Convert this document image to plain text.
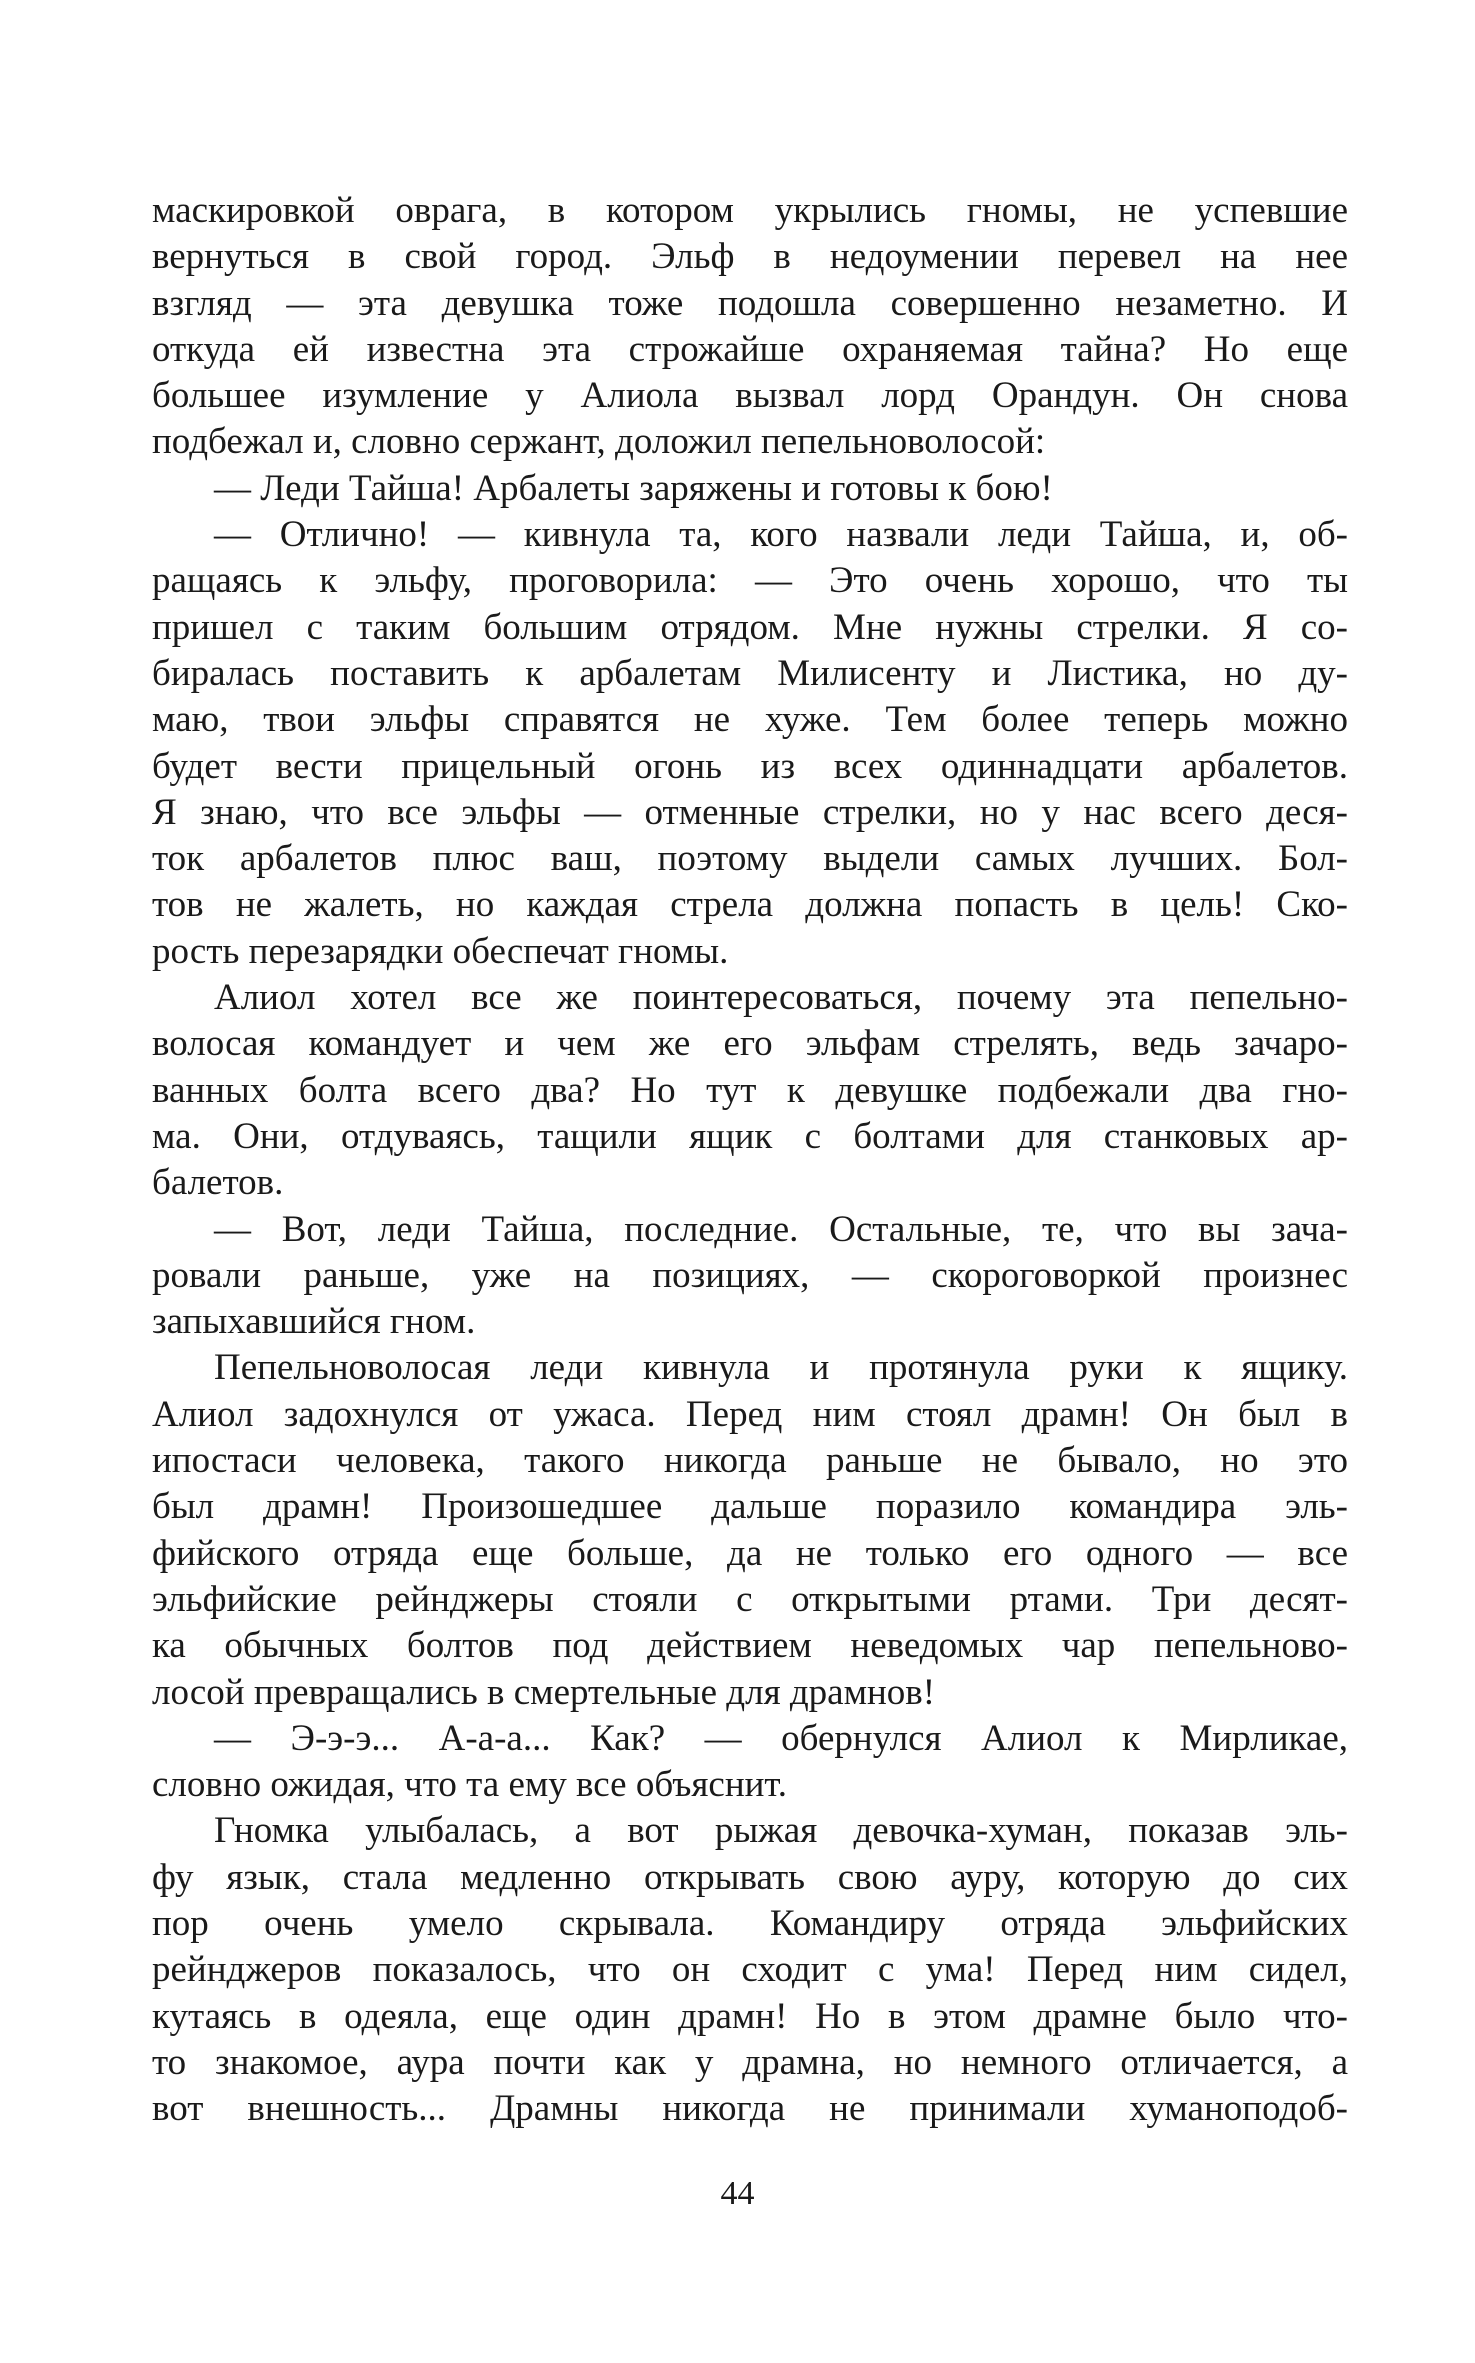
маскировкой оврага, в котором укрылись гномы, не успевшие
вернуться в свой город. Эльф в недоумении перевел на нее
взгляд — эта девушка тоже подошла совершенно незаметно. И
откуда ей известна эта строжайше охраняемая тайна? Но еще
большее изумление у Алиола вызвал лорд Орандун. Он снова
подбежал и, словно сержант, доложил пепельноволосой:
— Леди Тайша! Арбалеты заряжены и готовы к бою!
— Отлично! — кивнула та, кого назвали леди Тайша, и, об-
ращаясь к эльфу, проговорила: — Это очень хорошо, что ты
пришел с таким большим отрядом. Мне нужны стрелки. Я со-
биралась поставить к арбалетам Милисенту и Листика, но ду-
маю, твои эльфы справятся не хуже. Тем более теперь можно
будет вести прицельный огонь из всех одиннадцати арбалетов.
Я знаю, что все эльфы — отменные стрелки, но у нас всего деся-
ток арбалетов плюс ваш, поэтому выдели самых лучших. Бол-
тов не жалеть, но каждая стрела должна попасть в цель! Ско-
рость перезарядки обеспечат гномы.
Алиол хотел все же поинтересоваться, почему эта пепельно-
волосая командует и чем же его эльфам стрелять, ведь зачаро-
ванных болта всего два? Но тут к девушке подбежали два гно-
ма. Они, отдуваясь, тащили ящик с болтами для станковых ар-
балетов.
— Вот, леди Тайша, последние. Остальные, те, что вы зача-
ровали раньше, уже на позициях, — скороговоркой произнес
запыхавшийся гном.
Пепельноволосая леди кивнула и протянула руки к ящику.
Алиол задохнулся от ужаса. Перед ним стоял драмн! Он был в
ипостаси человека, такого никогда раньше не бывало, но это
был драмн! Произошедшее дальше поразило командира эль-
фийского отряда еще больше, да не только его одного — все
эльфийские рейнджеры стояли с открытыми ртами. Три десят-
ка обычных болтов под действием неведомых чар пепельново-
лосой превращались в смертельные для драмнов!
— Э-э-э... А-а-а... Как? — обернулся Алиол к Мирликае,
словно ожидая, что та ему все объяснит.
Гномка улыбалась, а вот рыжая девочка-хуман, показав эль-
фу язык, стала медленно открывать свою ауру, которую до сих
пор очень умело скрывала. Командиру отряда эльфийских
рейнджеров показалось, что он сходит с ума! Перед ним сидел,
кутаясь в одеяла, еще один драмн! Но в этом драмне было что-
то знакомое, аура почти как у драмна, но немного отличается, а
вот внешность... Драмны никогда не принимали хуманоподоб-
44
